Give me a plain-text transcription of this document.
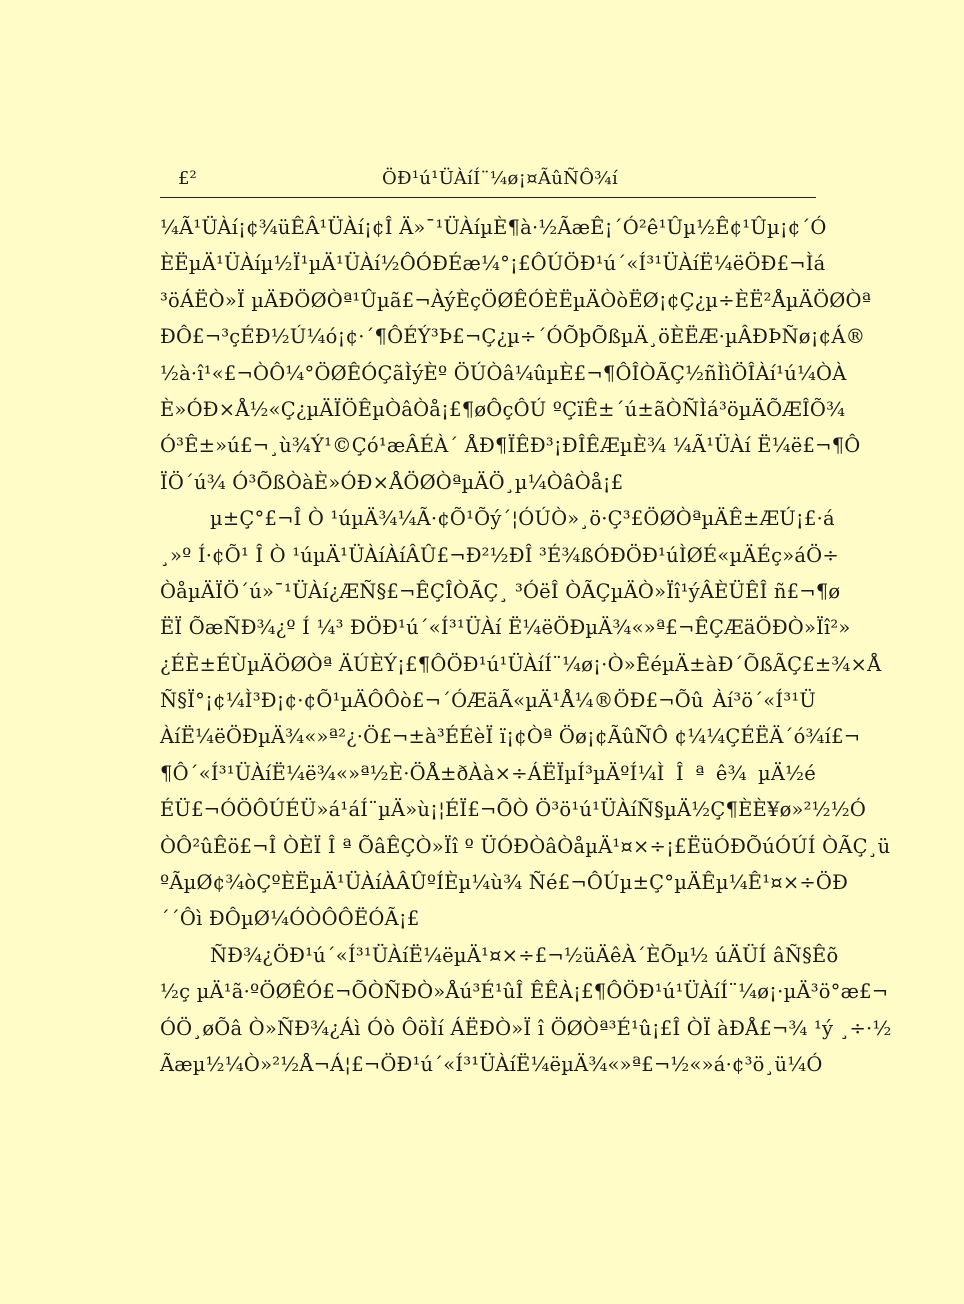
£²	ÖÐ¹ú¹ÜÀíÍ¨¼ø¡¤ÃûÑÔ¾í
¼Ã¹ÜÀí¡¢¾üÊÂ¹ÜÀí¡¢Î Ä»¯¹ÜÀíµÈ¶à·½ÃæÊ¡´Ó²ê¹Ûµ½Ê¢¹Ûµ¡¢´Ó
ÈËµÄ¹ÜÀíµ½Ï¹µÄ¹ÜÀí½ÔÓÐÉæ¼°¡£ÔÚÖÐ¹ú´«Í³¹ÜÀíË¼ëÖÐ£¬Ìá
³öÁËÒ»Ï µÄÐÖØÒª¹Ûµã£¬ÀýÈçÖØÊÓÈËµÄÒòËØ¡¢Ç¿µ÷ÈË²ÅµÄÖØÒª
ÐÔ£¬³çÉÐ½Ú¼ó¡¢·´¶ÔÉÝ³Þ£¬Ç¿µ÷´ÓÕþÕßµÄ¸öÈËÆ·µÂÐÞÑø¡¢Á®
½à·î¹«£¬ÒÔ¼°ÖØÊÓÇãÌýÈº ÖÚÒâ¼ûµÈ£¬¶ÔÎÒÃÇ½ñÌìÖÎÀí¹ú¼ÒÀ
È»ÓÐ×Å½«Ç¿µÄÏÖÊµÒâÒå¡£¶øÔçÔÚ ºÇïÊ±´ú±ãÒÑÌá³öµÄÕÆÎÕ¾
Ó³Ê±»ú£¬¸ù¾Ý¹©Çó¹æÂÉÀ´ ÅÐ¶ÏÊÐ³¡ÐÎÊÆµÈ¾ ¼Ã¹ÜÀí Ë¼ë£¬¶Ô
ÏÖ´ú¾ Ó³ÕßÒàÈ»ÓÐ×ÅÖØÒªµÄÖ¸µ¼ÒâÒå¡£
µ±Ç°£¬Î Ò ¹úµÄ¾¼Ã·¢Õ¹Õý´¦ÓÚÒ»¸ö·Ç³£ÖØÒªµÄÊ±ÆÚ¡£·á
¸»º Í·¢Õ¹ Î Ò ¹úµÄ¹ÜÀíÀíÂÛ£¬Ð²½ÐÎ ³É¾ßÓÐÖÐ¹úÌØÉ«µÄÉç»áÖ÷
ÒåµÄÏÖ´ú»¯¹ÜÀí¿ÆÑ§£¬ÊÇÎÒÃÇ¸ ³ÓëÎ ÒÃÇµÄÒ»Ïî¹ýÂÈÜÊÎ ñ£¬¶ø
ËÏ ÕæÑÐ¾¿º Í ¼³ ÐÖÐ¹ú´«Í³¹ÜÀí Ë¼ëÖÐµÄ¾«»ª£¬ÊÇÆäÖÐÒ»Ïî²»
¿ÉÈ±ÉÙµÄÖØÒª ÄÚÈÝ¡£¶ÔÖÐ¹ú¹ÜÀíÍ¨¼ø¡·Ò»ÊéµÄ±àÐ´ÕßÃÇ£±¾×Å
Ñ§Ï°¡¢¼Ì³Ð¡¢·¢Õ¹µÄÔÔò£¬´ÓÆäÃ«µÄ¹Å¼®ÖÐ£¬Õû Àí³ö´«Í³¹Ü
ÀíË¼ëÖÐµÄ¾«»ª²¿·Ö£¬±à³ÉÉèÏ ï¡¢Òª Öø¡¢ÃûÑÔ ¢¼¼ÇÉËÄ´ó¾í£¬
¶Ô´«Í³¹ÜÀíË¼ë¾«»ª½È·ÖÅ±ðÀà×÷ÁËÏµÍ³µÄºÍ¼Ì Î ª ê¾ µÄ½é
ÉÜ£¬ÓÖÔÚÉÜ»á¹áÍ¨µÄ»ù¡¦ÉÏ£¬ÕÒ Ö³ö¹ú¹ÜÀíÑ§µÄ½Ç¶ÈÈ¥ø»²½½Ó
ÒÔ²ûÊö£¬Î ÒÈÏ Î ª ÕâÊÇÒ»Ïî º ÜÓÐÒâÒåµÄ¹¤×÷¡£ËüÓÐÕúÓÚÍ ÒÃÇ¸ü
ºÃµØ¢¾òÇºÈËµÄ¹ÜÀíÀÂÛºÍÈµ¼ù¾ Ñé£¬ÔÚµ±Ç°µÄÊµ¼Ê¹¤×÷ÖÐ
´´Ôì ÐÔµØ¼ÓÒÔÔËÓÃ¡£
ÑÐ¾¿ÖÐ¹ú´«Í³¹ÜÀíË¼ëµÄ¹¤×÷£¬½üÄêÀ´ÈÕµ½ úÄÜÍ âÑ§Êõ
½ç µÄ¹ã·ºÖØÊÓ£¬ÕÒÑÐÒ»Åú³É¹ûÎ ÊÊÀ¡£¶ÔÖÐ¹ú¹ÜÀíÍ¨¼ø¡·µÄ³ö°æ£¬
ÓÖ¸øÕâ Ò»ÑÐ¾¿Áì Óò ÔöÌí ÁËÐÒ»Ï î ÖØÒª³É¹û¡£Î ÒÏ àÐÅ£¬¾ ¹ý ¸÷·½
Ãæµ½¼Ò»²½Å¬Á¦£¬ÖÐ¹ú´«Í³¹ÜÀíË¼ëµÄ¾«»ª£¬½«»á·¢³ö¸ü¼Ó
